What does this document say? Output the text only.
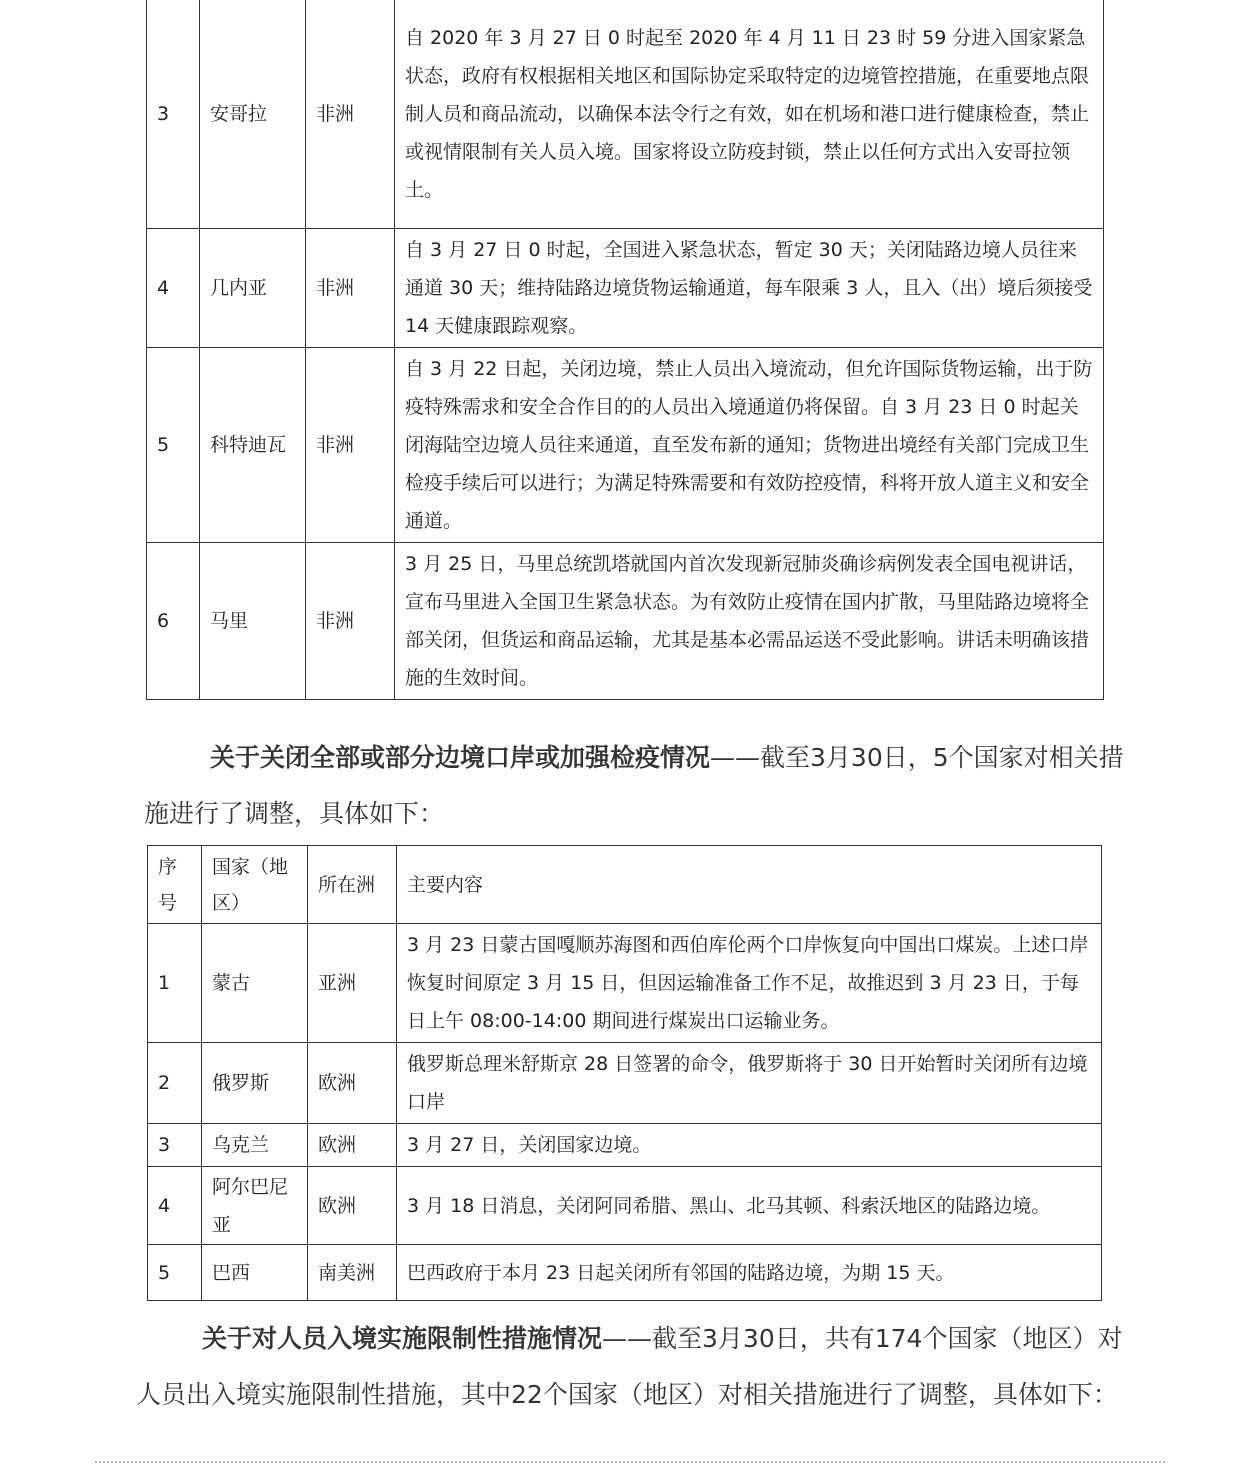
3	安哥拉	非洲	自 2020 年 3 月 27 日 0 时起至 2020 年 4 月 11 日 23 时 59 分进入国家紧急状态，政府有权根据相关地区和国际协定采取特定的边境管控措施，在重要地点限制人员和商品流动，以确保本法令行之有效，如在机场和港口进行健康检查，禁止或视情限制有关人员入境。国家将设立防疫封锁，禁止以任何方式出入安哥拉领土。
4	几内亚	非洲	自 3 月 27 日 0 时起，全国进入紧急状态，暂定 30 天；关闭陆路边境人员往来通道 30 天；维持陆路边境货物运输通道，每车限乘 3 人，且入（出）境后须接受 14 天健康跟踪观察。
5	科特迪瓦	非洲	自 3 月 22 日起，关闭边境，禁止人员出入境流动，但允许国际货物运输，出于防疫特殊需求和安全合作目的的人员出入境通道仍将保留。自 3 月 23 日 0 时起关闭海陆空边境人员往来通道，直至发布新的通知；货物进出境经有关部门完成卫生检疫手续后可以进行；为满足特殊需要和有效防控疫情，科将开放人道主义和安全通道。
6	马里	非洲	3 月 25 日，马里总统凯塔就国内首次发现新冠肺炎确诊病例发表全国电视讲话，宣布马里进入全国卫生紧急状态。为有效防止疫情在国内扩散，马里陆路边境将全部关闭，但货运和商品运输，尤其是基本必需品运送不受此影响。讲话未明确该措施的生效时间。

关于关闭全部或部分边境口岸或加强检疫情况——截至3月30日，5个国家对相关措施进行了调整，具体如下：

序号	国家（地区）	所在洲	主要内容
1	蒙古	亚洲	3 月 23 日蒙古国嘎顺苏海图和西伯库伦两个口岸恢复向中国出口煤炭。上述口岸恢复时间原定 3 月 15 日，但因运输准备工作不足，故推迟到 3 月 23 日，于每日上午 08:00-14:00 期间进行煤炭出口运输业务。
2	俄罗斯	欧洲	俄罗斯总理米舒斯京 28 日签署的命令，俄罗斯将于 30 日开始暂时关闭所有边境口岸
3	乌克兰	欧洲	3 月 27 日，关闭国家边境。
4	阿尔巴尼亚	欧洲	3 月 18 日消息，关闭阿同希腊、黑山、北马其顿、科索沃地区的陆路边境。
5	巴西	南美洲	巴西政府于本月 23 日起关闭所有邻国的陆路边境，为期 15 天。

关于对人员入境实施限制性措施情况——截至3月30日，共有174个国家（地区）对人员出入境实施限制性措施，其中22个国家（地区）对相关措施进行了调整，具体如下：
